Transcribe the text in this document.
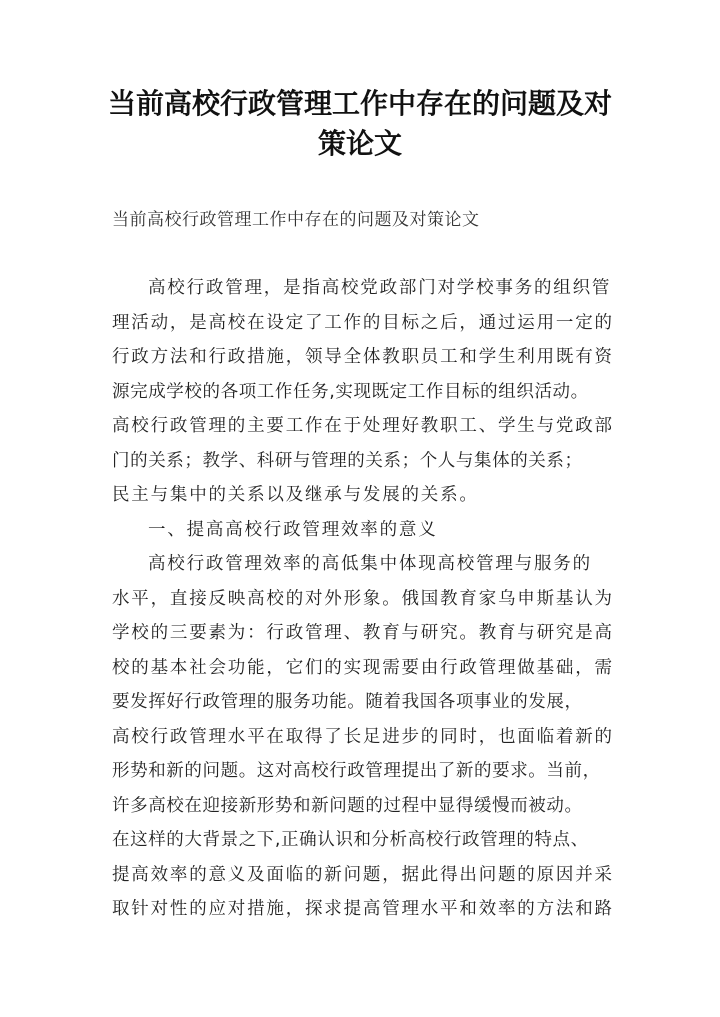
当前高校行政管理工作中存在的问题及对
策论文

当前高校行政管理工作中存在的问题及对策论文

高校行政管理，是指高校党政部门对学校事务的组织管
理活动，是高校在设定了工作的目标之后，通过运用一定的
行政方法和行政措施，领导全体教职员工和学生利用既有资
源完成学校的各项工作任务,实现既定工作目标的组织活动。
高校行政管理的主要工作在于处理好教职工、学生与党政部
门的关系；教学、科研与管理的关系；个人与集体的关系；
民主与集中的关系以及继承与发展的关系。
一、提高高校行政管理效率的意义
高校行政管理效率的高低集中体现高校管理与服务的
水平，直接反映高校的对外形象。俄国教育家乌申斯基认为
学校的三要素为：行政管理、教育与研究。教育与研究是高
校的基本社会功能，它们的实现需要由行政管理做基础，需
要发挥好行政管理的服务功能。随着我国各项事业的发展，
高校行政管理水平在取得了长足进步的同时，也面临着新的
形势和新的问题。这对高校行政管理提出了新的要求。当前，
许多高校在迎接新形势和新问题的过程中显得缓慢而被动。
在这样的大背景之下,正确认识和分析高校行政管理的特点、
提高效率的意义及面临的新问题，据此得出问题的原因并采
取针对性的应对措施，探求提高管理水平和效率的方法和路
